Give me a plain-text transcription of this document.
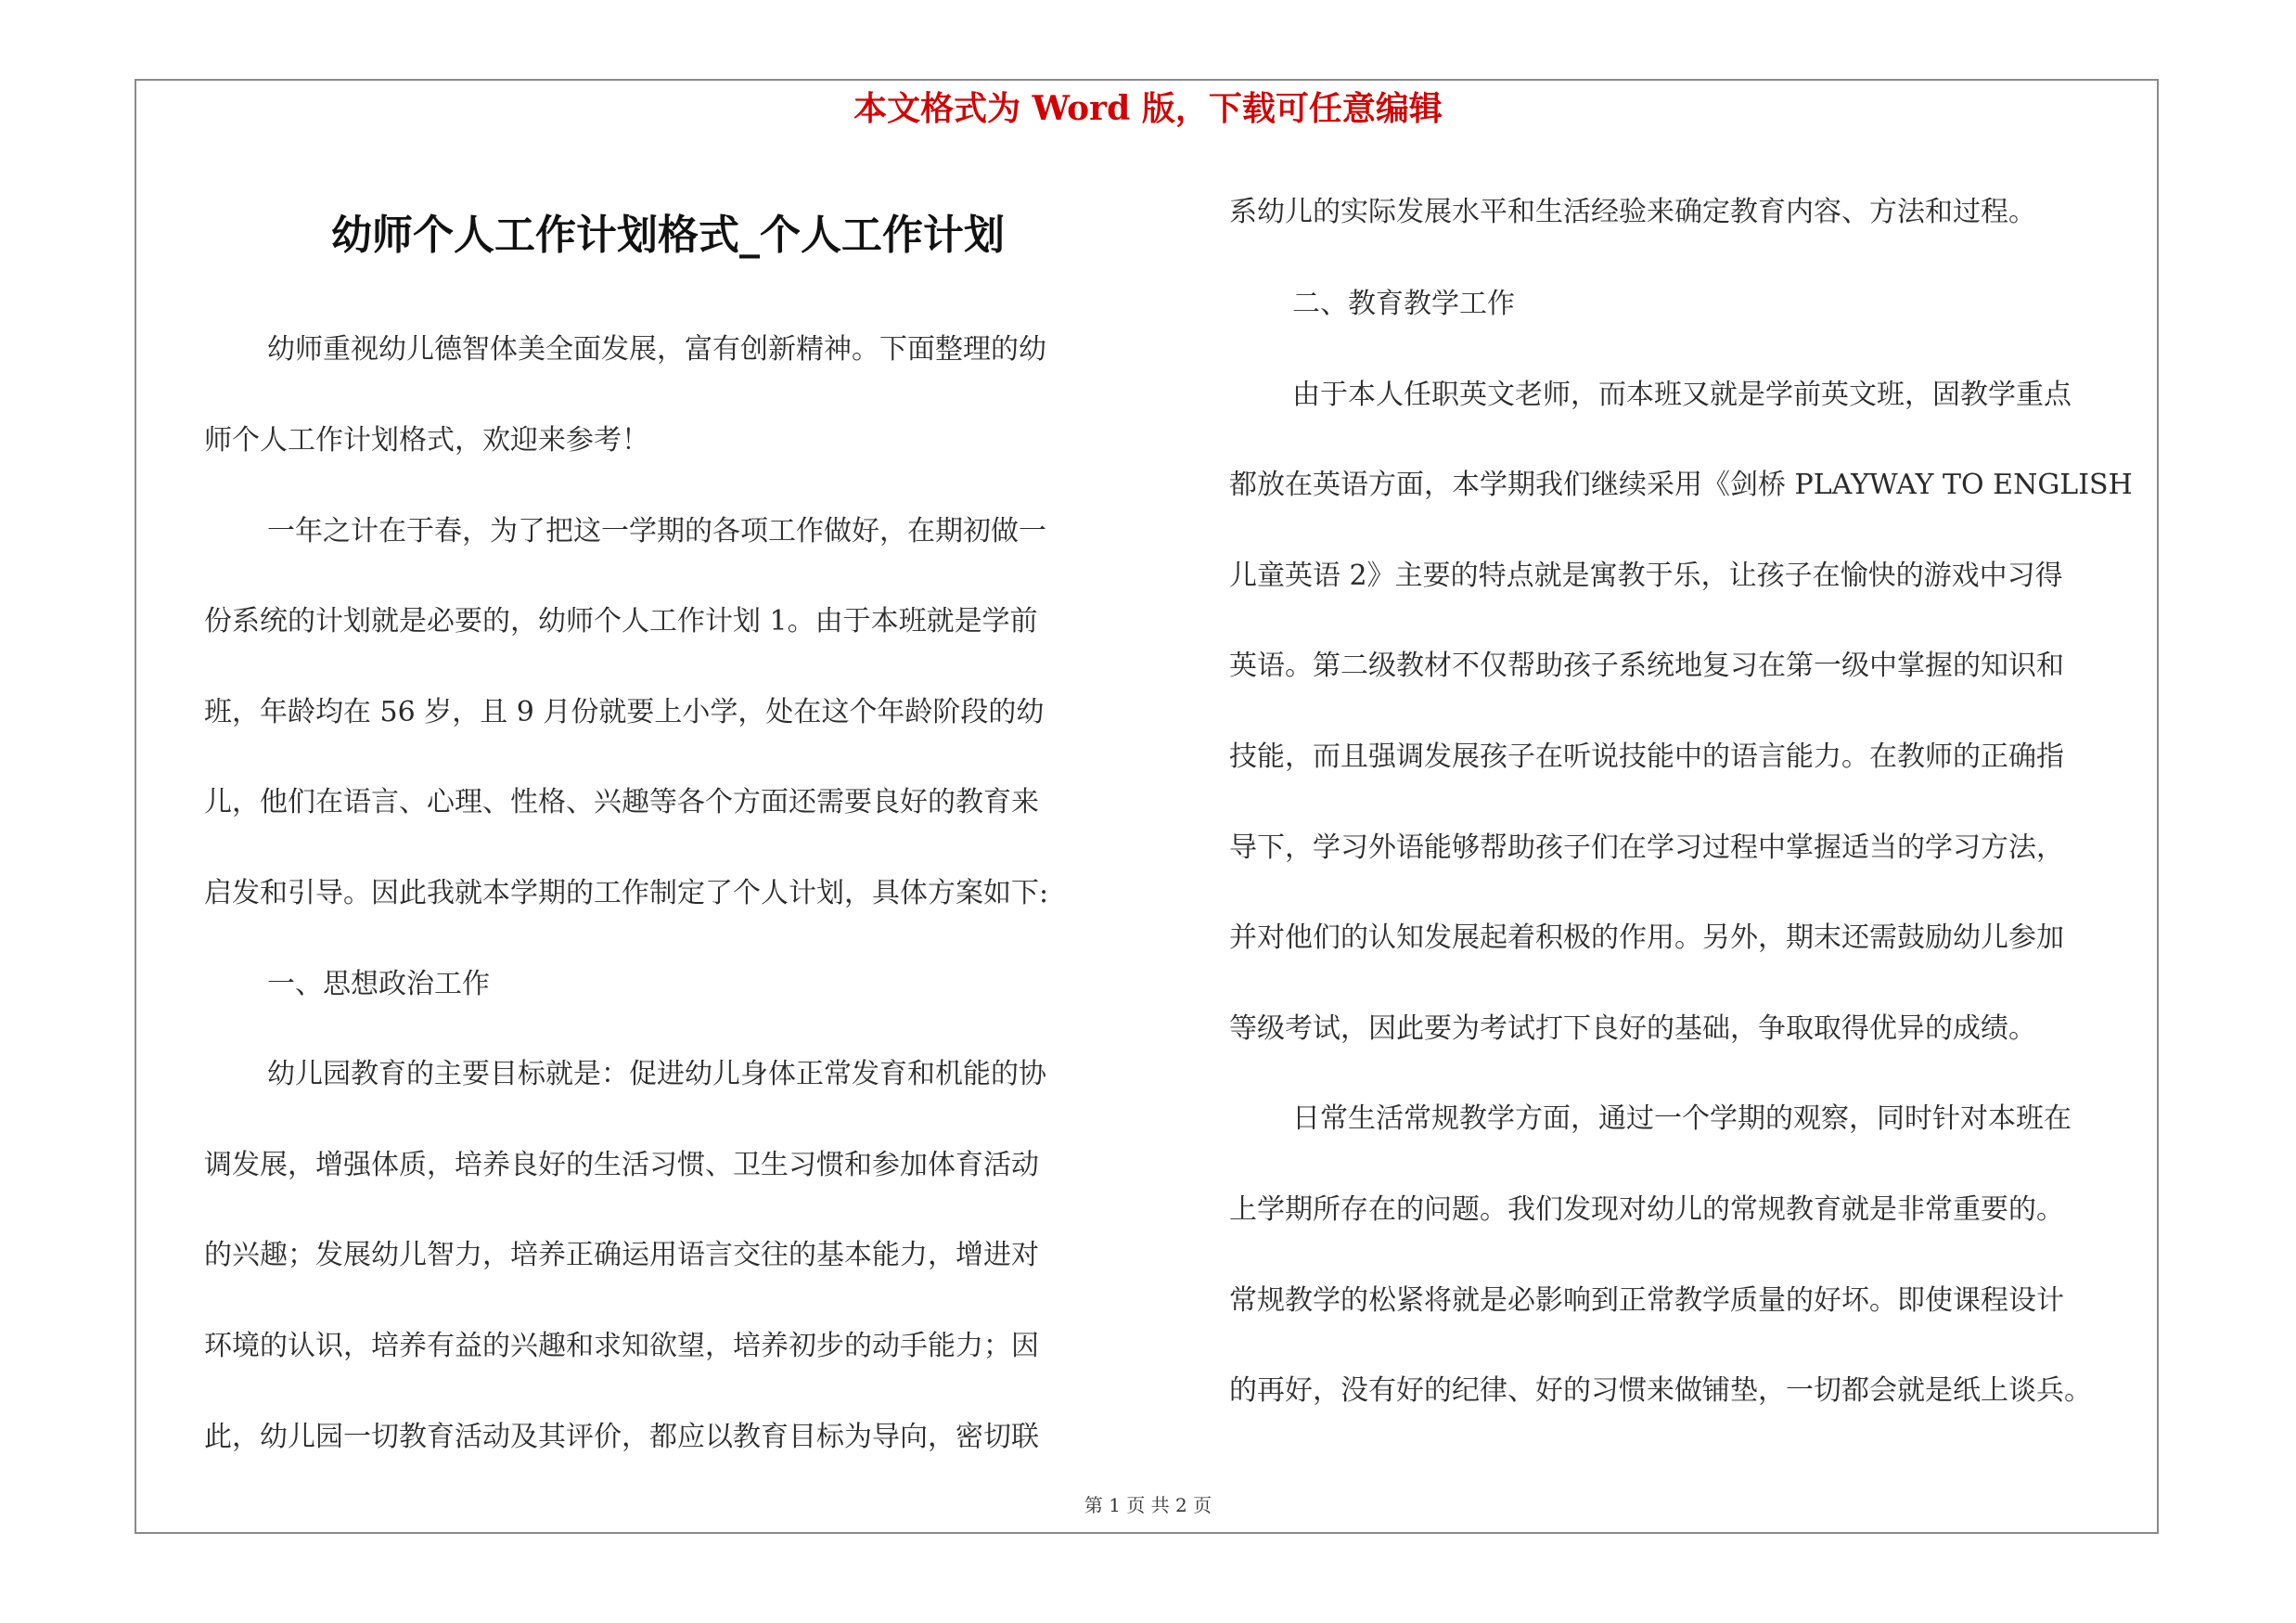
本文格式为 Word 版，下载可任意编辑
幼师个人工作计划格式_个人工作计划
幼师重视幼儿德智体美全面发展，富有创新精神。下面整理的幼
师个人工作计划格式，欢迎来参考！
一年之计在于春，为了把这一学期的各项工作做好，在期初做一
份系统的计划就是必要的，幼师个人工作计划 1。由于本班就是学前
班，年龄均在 56 岁，且 9 月份就要上小学，处在这个年龄阶段的幼
儿，他们在语言、心理、性格、兴趣等各个方面还需要良好的教育来
启发和引导。因此我就本学期的工作制定了个人计划，具体方案如下:
一、思想政治工作
幼儿园教育的主要目标就是：促进幼儿身体正常发育和机能的协
调发展，增强体质，培养良好的生活习惯、卫生习惯和参加体育活动
的兴趣；发展幼儿智力，培养正确运用语言交往的基本能力，增进对
环境的认识，培养有益的兴趣和求知欲望，培养初步的动手能力；因
此，幼儿园一切教育活动及其评价，都应以教育目标为导向，密切联
系幼儿的实际发展水平和生活经验来确定教育内容、方法和过程。
二、教育教学工作
由于本人任职英文老师，而本班又就是学前英文班，固教学重点
都放在英语方面，本学期我们继续采用《剑桥 PLAYWAY TO ENGLISH
儿童英语 2》主要的特点就是寓教于乐，让孩子在愉快的游戏中习得
英语。第二级教材不仅帮助孩子系统地复习在第一级中掌握的知识和
技能，而且强调发展孩子在听说技能中的语言能力。在教师的正确指
导下，学习外语能够帮助孩子们在学习过程中掌握适当的学习方法，
并对他们的认知发展起着积极的作用。另外，期末还需鼓励幼儿参加
等级考试，因此要为考试打下良好的基础，争取取得优异的成绩。
日常生活常规教学方面，通过一个学期的观察，同时针对本班在
上学期所存在的问题。我们发现对幼儿的常规教育就是非常重要的。
常规教学的松紧将就是必影响到正常教学质量的好坏。即使课程设计
的再好，没有好的纪律、好的习惯来做铺垫，一切都会就是纸上谈兵。
第 1 页 共 2 页
